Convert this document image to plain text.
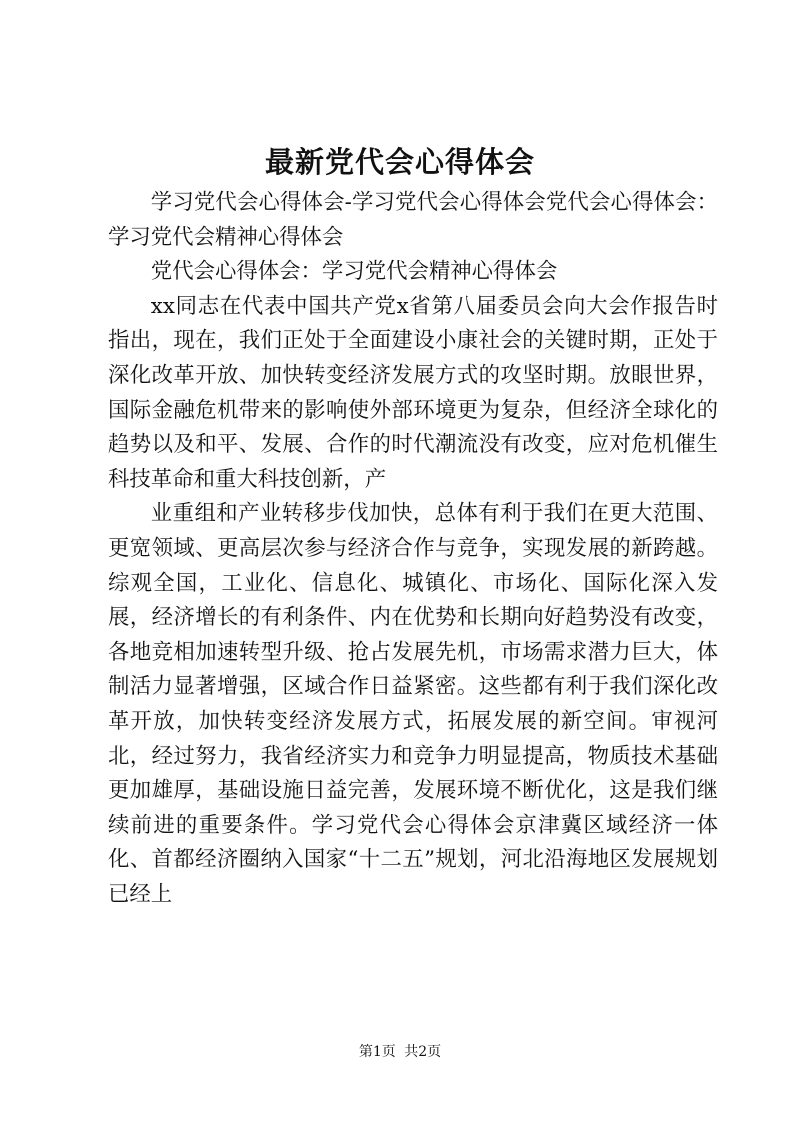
最新党代会心得体会

学习党代会心得体会-学习党代会心得体会党代会心得体会：学习党代会精神心得体会

党代会心得体会：学习党代会精神心得体会

xx同志在代表中国共产党x省第八届委员会向大会作报告时指出，现在，我们正处于全面建设小康社会的关键时期，正处于深化改革开放、加快转变经济发展方式的攻坚时期。放眼世界，国际金融危机带来的影响使外部环境更为复杂，但经济全球化的趋势以及和平、发展、合作的时代潮流没有改变，应对危机催生科技革命和重大科技创新，产

业重组和产业转移步伐加快，总体有利于我们在更大范围、更宽领域、更高层次参与经济合作与竞争，实现发展的新跨越。综观全国，工业化、信息化、城镇化、市场化、国际化深入发展，经济增长的有利条件、内在优势和长期向好趋势没有改变，各地竞相加速转型升级、抢占发展先机，市场需求潜力巨大，体制活力显著增强，区域合作日益紧密。这些都有利于我们深化改革开放，加快转变经济发展方式，拓展发展的新空间。审视河北，经过努力，我省经济实力和竞争力明显提高，物质技术基础更加雄厚，基础设施日益完善，发展环境不断优化，这是我们继续前进的重要条件。学习党代会心得体会京津冀区域经济一体化、首都经济圈纳入国家“十二五”规划，河北沿海地区发展规划已经上

第1页 共2页
